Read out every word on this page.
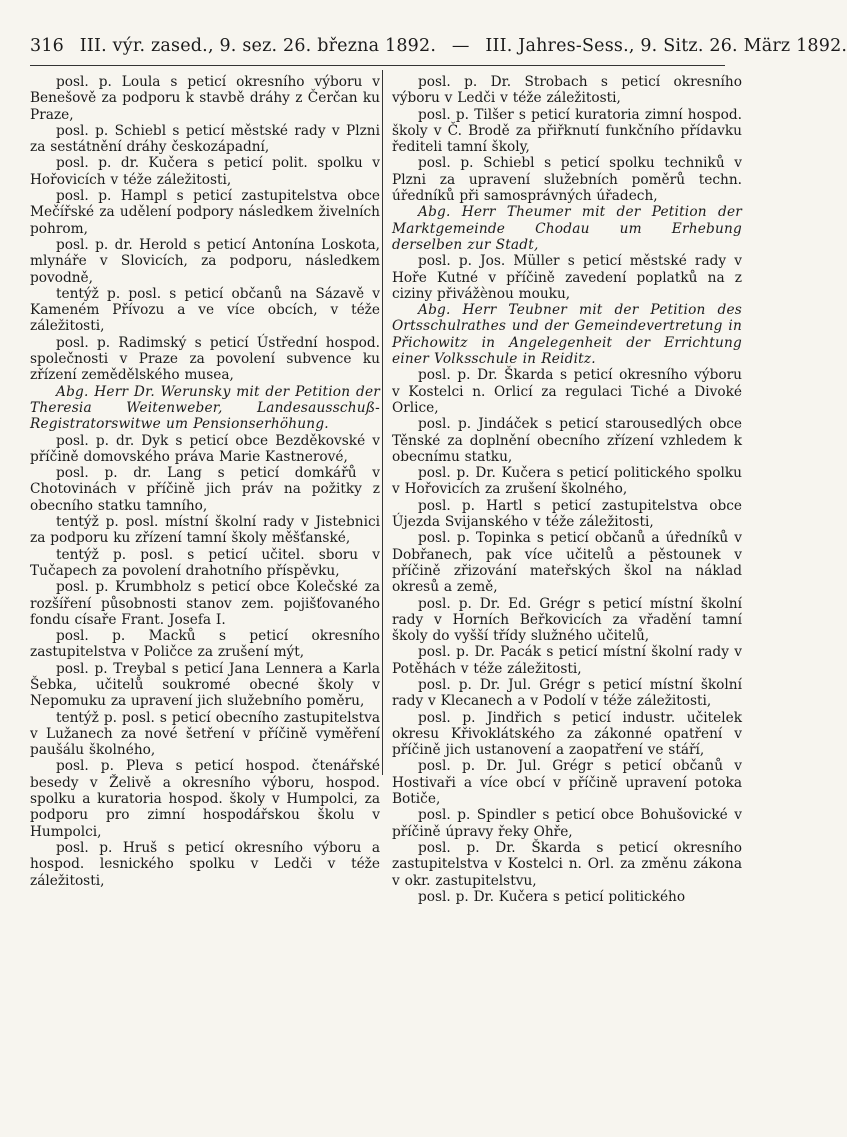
316 III. výr. zased., 9. sez. 26. března 1892. — III. Jahres-Sess., 9. Sitz. 26. März 1892.

posl. p. Loula s peticí okresního výboru v Benešově za podporu k stavbě dráhy z Čerčan ku Praze,

posl. p. Schiebl s peticí městské rady v Plzni za sestátnění dráhy českozápadní,

posl. p. dr. Kučera s peticí polit. spolku v Hořovicích v téže záležitosti,

posl. p. Hampl s peticí zastupitelstva obce Mečířské za udělení podpory následkem živelních pohrom,

posl. p. dr. Herold s peticí Antonína Loskota, mlynáře v Slovicích, za podporu, následkem povodně,

tentýž p. posl. s peticí občanů na Sázavě v Kameném Přívozu a ve více obcích, v téže záležitosti,

posl. p. Radimský s peticí Ústřední hospod. společnosti v Praze za povolení subvence ku zřízení zemědělského musea,

Abg. Herr Dr. Werunsky mit der Petition der Theresia Weitenweber, Landesausschuß-Registratorswitwe um Pensionserhöhung.

posl. p. dr. Dyk s peticí obce Bezděkovské v příčině domovského práva Marie Kastnerové,

posl. p. dr. Lang s peticí domkářů v Chotovinách v příčině jich práv na požitky z obecního statku tamního,

tentýž p. posl. místní školní rady v Jistebnici za podporu ku zřízení tamní školy měšťanské,

tentýž p. posl. s peticí učitel. sboru v Tučapech za povolení drahotního příspěvku,

posl. p. Krumbholz s peticí obce Kolečské za rozšíření působnosti stanov zem. pojišťovaného fondu císaře Frant. Josefa I.

posl. p. Macků s peticí okresního zastupitelstva v Poličce za zrušení mýt,

posl. p. Treybal s peticí Jana Lennera a Karla Šebka, učitelů soukromé obecné školy v Nepomuku za upravení jich služebního poměru,

tentýž p. posl. s peticí obecního zastupitelstva v Lužanech za nové šetření v příčině vyměření paušálu školného,

posl. p. Pleva s peticí hospod. čtenářské besedy v Želivě a okresního výboru, hospod. spolku a kuratoria hospod. školy v Humpolci, za podporu pro zimní hospodářskou školu v Humpolci,

posl. p. Hruš s peticí okresního výboru a hospod. lesnického spolku v Ledči v téže záležitosti,

posl. p. Dr. Strobach s peticí okresního výboru v Ledči v téže záležitosti,

posl. p. Tilšer s peticí kuratoria zimní hospod. školy v Č. Brodě za přiřknutí funkčního přídavku řediteli tamní školy,

posl. p. Schiebl s peticí spolku techniků v Plzni za upravení služebních poměrů techn. úředníků při samosprávných úřadech,

Abg. Herr Theumer mit der Petition der Marktgemeinde Chodau um Erhebung derselben zur Stadt,

posl. p. Jos. Müller s peticí městské rady v Hoře Kutné v příčině zavedení poplatků na z ciziny přivážènou mouku,

Abg. Herr Teubner mit der Petition des Ortsschulrathes und der Gemeindevertretung in Přichowitz in Angelegenheit der Errichtung einer Volksschule in Reiditz.

posl. p. Dr. Škarda s peticí okresního výboru v Kostelci n. Orlicí za regulaci Tiché a Divoké Orlice,

posl. p. Jindáček s peticí starousedlých obce Těnské za doplnění obecního zřízení vzhledem k obecnímu statku,

posl. p. Dr. Kučera s peticí politického spolku v Hořovicích za zrušení školného,

posl. p. Hartl s peticí zastupitelstva obce Újezda Svijanského v téže záležitosti,

posl. p. Topinka s peticí občanů a úředníků v Dobřanech, pak více učitelů a pěstounek v příčině zřizování mateřských škol na náklad okresů a země,

posl. p. Dr. Ed. Grégr s peticí místní školní rady v Horních Beřkovicích za vřadění tamní školy do vyšší třídy služného učitelů,

posl. p. Dr. Pacák s peticí místní školní rady v Potěhách v téže záležitosti,

posl. p. Dr. Jul. Grégr s peticí místní školní rady v Klecanech a v Podolí v téže záležitosti,

posl. p. Jindřich s peticí industr. učitelek okresu Křivoklátského za zákonné opatření v příčině jich ustanovení a zaopatření ve stáří,

posl. p. Dr. Jul. Grégr s peticí občanů v Hostivaři a více obcí v příčině upravení potoka Botiče,

posl. p. Spindler s peticí obce Bohušovické v příčině úpravy řeky Ohře,

posl. p. Dr. Škarda s peticí okresního zastupitelstva v Kostelci n. Orl. za změnu zákona v okr. zastupitelstvu,

posl. p. Dr. Kučera s peticí politického
